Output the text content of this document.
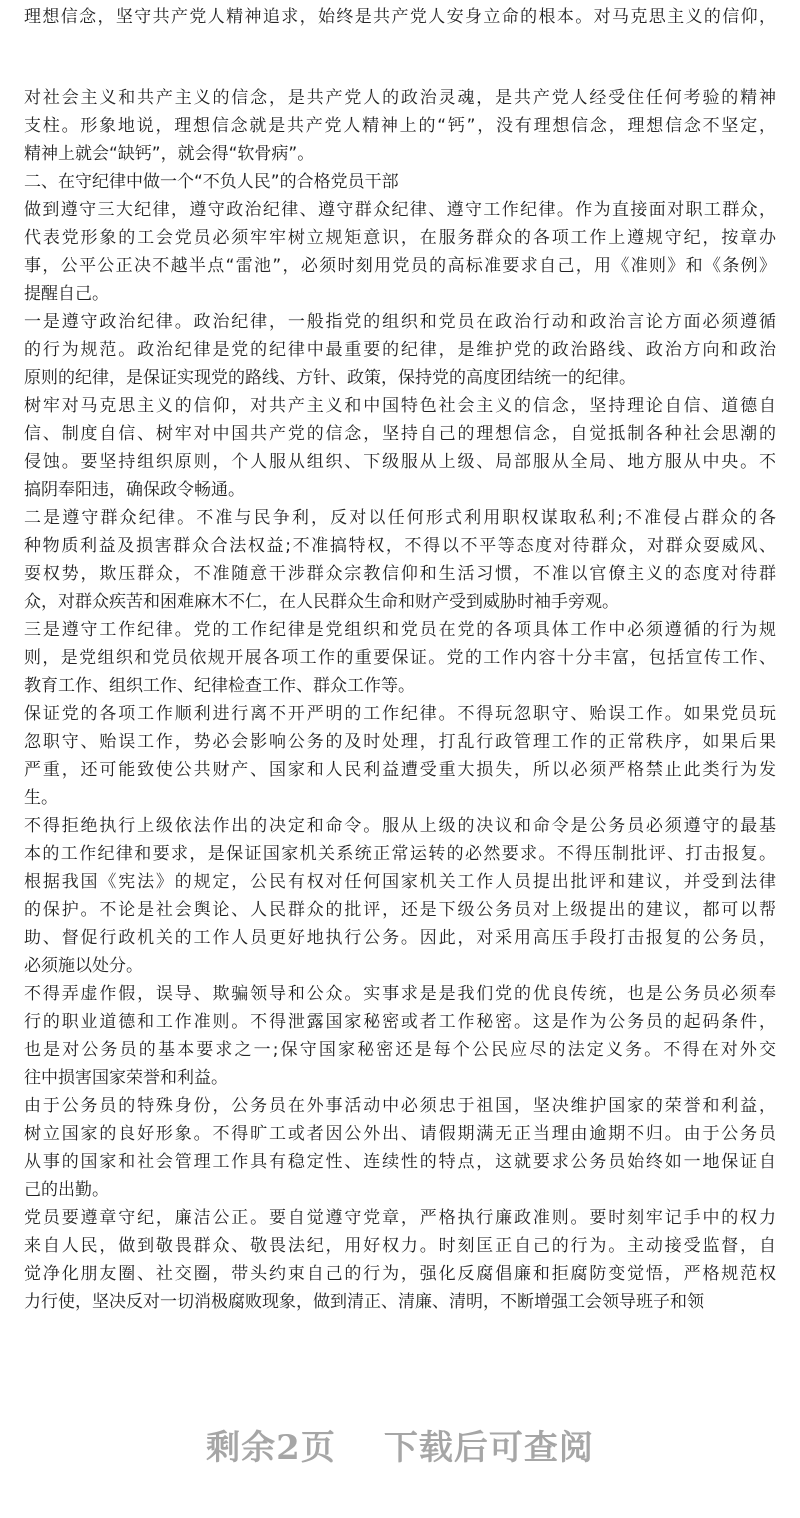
理想信念，坚守共产党人精神追求，始终是共产党人安身立命的根本。对马克思主义的信仰，
对社会主义和共产主义的信念，是共产党人的政治灵魂，是共产党人经受住任何考验的精神
支柱。形象地说，理想信念就是共产党人精神上的“钙”，没有理想信念，理想信念不坚定，
精神上就会“缺钙”，就会得“软骨病”。
二、在守纪律中做一个“不负人民”的合格党员干部
做到遵守三大纪律，遵守政治纪律、遵守群众纪律、遵守工作纪律。作为直接面对职工群众，
代表党形象的工会党员必须牢牢树立规矩意识，在服务群众的各项工作上遵规守纪，按章办
事，公平公正决不越半点“雷池”，必须时刻用党员的高标准要求自己，用《准则》和《条例》
提醒自己。
一是遵守政治纪律。政治纪律，一般指党的组织和党员在政治行动和政治言论方面必须遵循
的行为规范。政治纪律是党的纪律中最重要的纪律，是维护党的政治路线、政治方向和政治
原则的纪律，是保证实现党的路线、方针、政策，保持党的高度团结统一的纪律。
树牢对马克思主义的信仰，对共产主义和中国特色社会主义的信念，坚持理论自信、道德自
信、制度自信、树牢对中国共产党的信念，坚持自己的理想信念，自觉抵制各种社会思潮的
侵蚀。要坚持组织原则，个人服从组织、下级服从上级、局部服从全局、地方服从中央。不
搞阴奉阳违，确保政令畅通。
二是遵守群众纪律。不准与民争利，反对以任何形式利用职权谋取私利;不准侵占群众的各
种物质利益及损害群众合法权益;不准搞特权，不得以不平等态度对待群众，对群众耍威风、
耍权势，欺压群众，不准随意干涉群众宗教信仰和生活习惯，不准以官僚主义的态度对待群
众，对群众疾苦和困难麻木不仁，在人民群众生命和财产受到威胁时袖手旁观。
三是遵守工作纪律。党的工作纪律是党组织和党员在党的各项具体工作中必须遵循的行为规
则，是党组织和党员依规开展各项工作的重要保证。党的工作内容十分丰富，包括宣传工作、
教育工作、组织工作、纪律检查工作、群众工作等。
保证党的各项工作顺利进行离不开严明的工作纪律。不得玩忽职守、贻误工作。如果党员玩
忽职守、贻误工作，势必会影响公务的及时处理，打乱行政管理工作的正常秩序，如果后果
严重，还可能致使公共财产、国家和人民利益遭受重大损失，所以必须严格禁止此类行为发
生。
不得拒绝执行上级依法作出的决定和命令。服从上级的决议和命令是公务员必须遵守的最基
本的工作纪律和要求，是保证国家机关系统正常运转的必然要求。不得压制批评、打击报复。
根据我国《宪法》的规定，公民有权对任何国家机关工作人员提出批评和建议，并受到法律
的保护。不论是社会舆论、人民群众的批评，还是下级公务员对上级提出的建议，都可以帮
助、督促行政机关的工作人员更好地执行公务。因此，对采用高压手段打击报复的公务员，
必须施以处分。
不得弄虚作假，误导、欺骗领导和公众。实事求是是我们党的优良传统，也是公务员必须奉
行的职业道德和工作准则。不得泄露国家秘密或者工作秘密。这是作为公务员的起码条件，
也是对公务员的基本要求之一;保守国家秘密还是每个公民应尽的法定义务。不得在对外交
往中损害国家荣誉和利益。
由于公务员的特殊身份，公务员在外事活动中必须忠于祖国，坚决维护国家的荣誉和利益，
树立国家的良好形象。不得旷工或者因公外出、请假期满无正当理由逾期不归。由于公务员
从事的国家和社会管理工作具有稳定性、连续性的特点，这就要求公务员始终如一地保证自
己的出勤。
党员要遵章守纪，廉洁公正。要自觉遵守党章，严格执行廉政准则。要时刻牢记手中的权力
来自人民，做到敬畏群众、敬畏法纪，用好权力。时刻匡正自己的行为。主动接受监督，自
觉净化朋友圈、社交圈，带头约束自己的行为，强化反腐倡廉和拒腐防变觉悟，严格规范权
力行使，坚决反对一切消极腐败现象，做到清正、清廉、清明，不断增强工会领导班子和领
剩余2页 下载后可查阅
